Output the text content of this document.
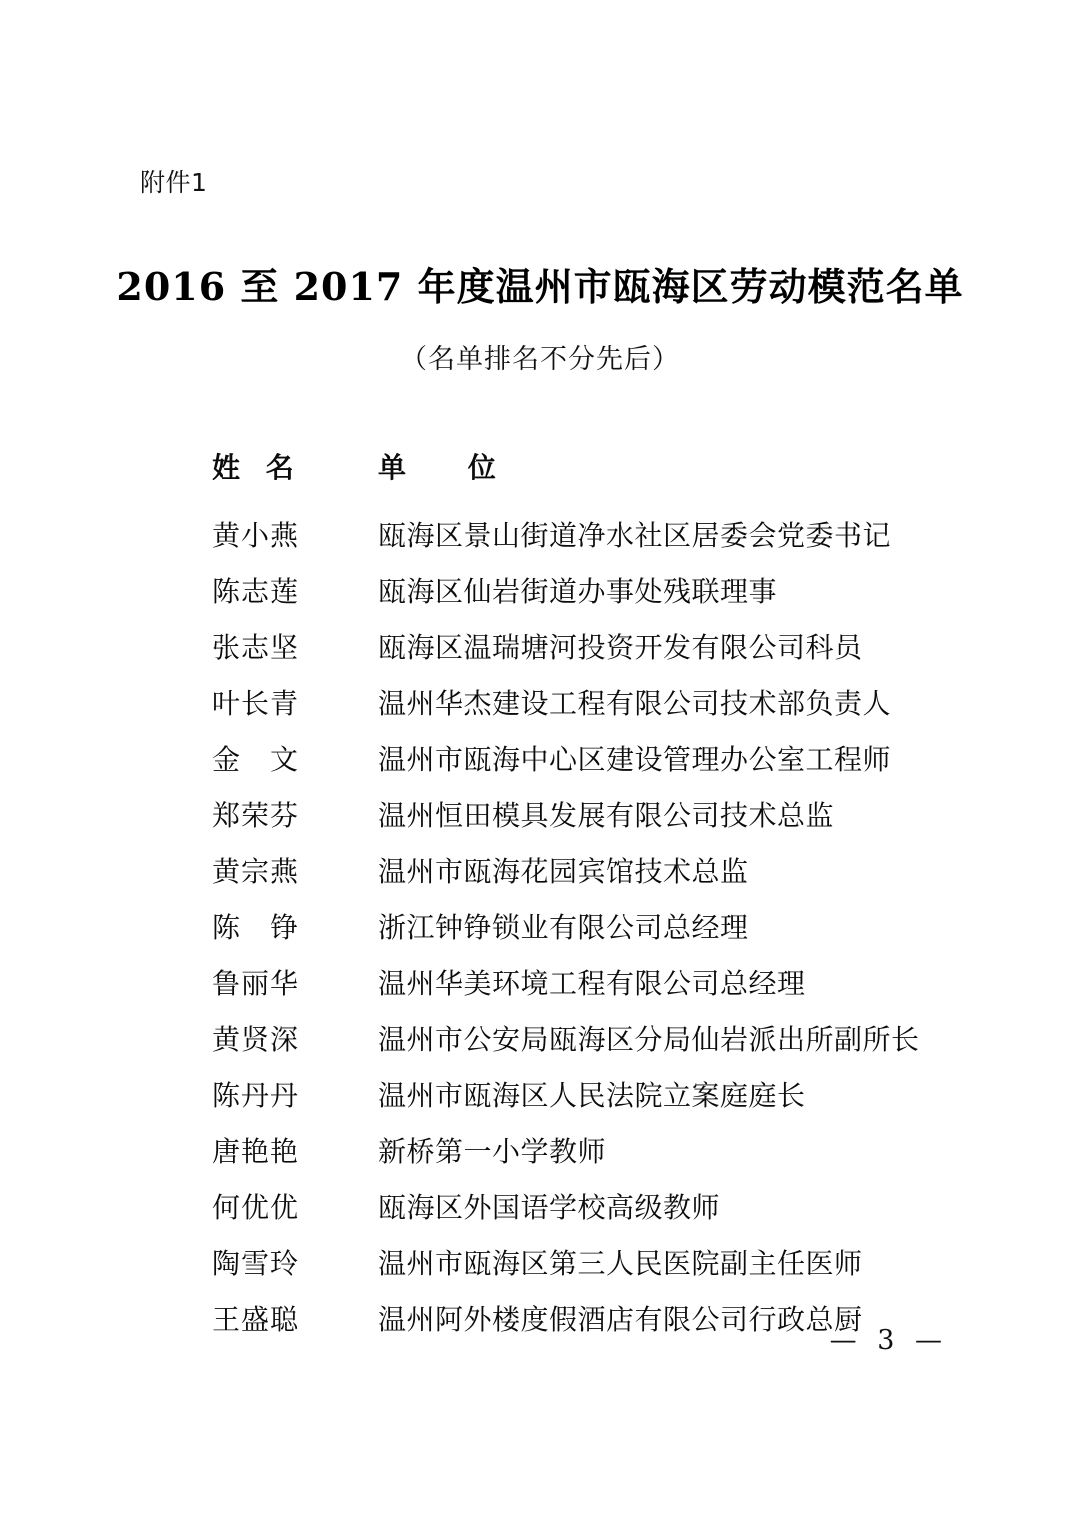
附件1
2016 至 2017 年度温州市瓯海区劳动模范名单
（名单排名不分先后）
姓 名	单 位
黄小燕	瓯海区景山街道净水社区居委会党委书记
陈志莲	瓯海区仙岩街道办事处残联理事
张志坚	瓯海区温瑞塘河投资开发有限公司科员
叶长青	温州华杰建设工程有限公司技术部负责人
金　文	温州市瓯海中心区建设管理办公室工程师
郑荣芬	温州恒田模具发展有限公司技术总监
黄宗燕	温州市瓯海花园宾馆技术总监
陈　铮	浙江钟铮锁业有限公司总经理
鲁丽华	温州华美环境工程有限公司总经理
黄贤深	温州市公安局瓯海区分局仙岩派出所副所长
陈丹丹	温州市瓯海区人民法院立案庭庭长
唐艳艳	新桥第一小学教师
何优优	瓯海区外国语学校高级教师
陶雪玲	温州市瓯海区第三人民医院副主任医师
王盛聪	温州阿外楼度假酒店有限公司行政总厨
— 3 —
